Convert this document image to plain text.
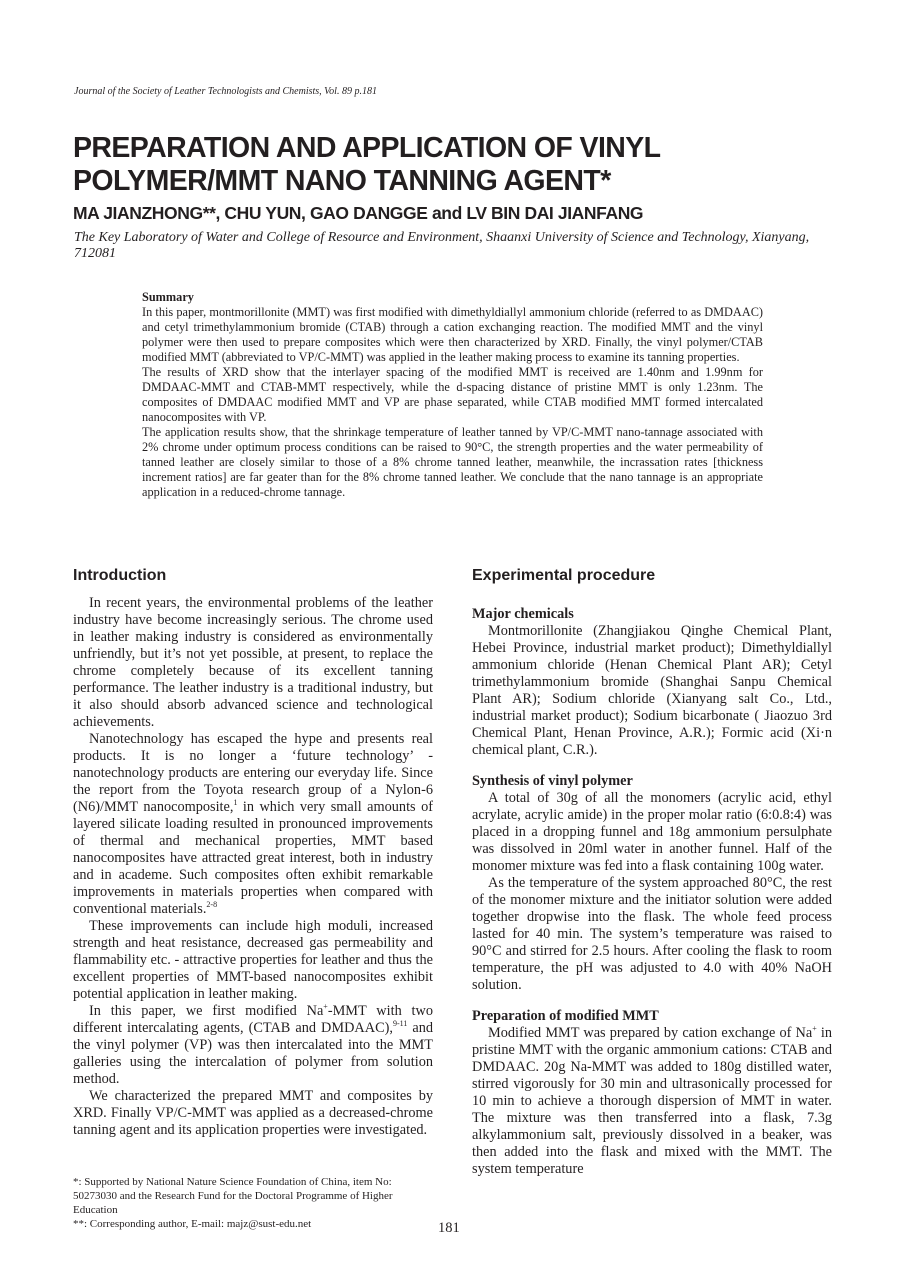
Journal of the Society of Leather Technologists and Chemists, Vol. 89 p.181
PREPARATION AND APPLICATION OF VINYL POLYMER/MMT NANO TANNING AGENT*
MA JIANZHONG**, CHU YUN, GAO DANGGE and LV BIN DAI JIANFANG
The Key Laboratory of Water and College of Resource and Environment, Shaanxi University of Science and Technology, Xianyang, 712081
Summary

In this paper, montmorillonite (MMT) was first modified with dimethyldiallyl ammonium chloride (referred to as DMDAAC) and cetyl trimethylammonium bromide (CTAB) through a cation exchanging reaction. The modified MMT and the vinyl polymer were then used to prepare composites which were then characterized by XRD. Finally, the vinyl polymer/CTAB modified MMT (abbreviated to VP/C-MMT) was applied in the leather making process to examine its tanning properties.

The results of XRD show that the interlayer spacing of the modified MMT is received are 1.40nm and 1.99nm for DMDAAC-MMT and CTAB-MMT respectively, while the d-spacing distance of pristine MMT is only 1.23nm. The composites of DMDAAC modified MMT and VP are phase separated, while CTAB modified MMT formed intercalated nanocomposites with VP.

The application results show, that the shrinkage temperature of leather tanned by VP/C-MMT nano-tannage associated with 2% chrome under optimum process conditions can be raised to 90°C, the strength properties and the water permeability of tanned leather are closely similar to those of a 8% chrome tanned leather, meanwhile, the incrassation rates [thickness increment ratios] are far geater than for the 8% chrome tanned leather. We conclude that the nano tannage is an appropriate application in a reduced-chrome tannage.

Introduction

In recent years, the environmental problems of the leather industry have become increasingly serious. The chrome used in leather making industry is considered as environmentally unfriendly, but it’s not yet possible, at present, to replace the chrome completely because of its excellent tanning performance. The leather industry is a traditional industry, but it also should absorb advanced science and technological achievements.

Nanotechnology has escaped the hype and presents real products. It is no longer a ‘future technology’ - nanotechnology products are entering our everyday life. Since the report from the Toyota research group of a Nylon-6 (N6)/MMT nanocomposite,$^1$ in which very small amounts of layered silicate loading resulted in pronounced improvements of thermal and mechanical properties, MMT based nanocomposites have attracted great interest, both in industry and in academe. Such composites often exhibit remarkable improvements in materials properties when compared with conventional materials.$^{2-8}$

These improvements can include high moduli, increased strength and heat resistance, decreased gas permeability and flammability etc. - attractive properties for leather and thus the excellent properties of MMT-based nanocomposites exhibit potential application in leather making.

In this paper, we first modified Na+-MMT with two different intercalating agents, (CTAB and DMDAAC),$^{9-11}$ and the vinyl polymer (VP) was then intercalated into the MMT galleries using the intercalation of polymer from solution method.

We characterized the prepared MMT and composites by XRD. Finally VP/C-MMT was applied as a decreased-chrome tanning agent and its application properties were investigated.

Experimental procedure
Major chemicals

Montmorillonite (Zhangjiakou Qinghe Chemical Plant, Hebei Province, industrial market product); Dimethyldiallyl ammonium chloride (Henan Chemical Plant AR); Cetyl trimethylammonium bromide (Shanghai Sanpu Chemical Plant AR); Sodium chloride (Xianyang salt Co., Ltd., industrial market product); Sodium bicarbonate ( Jiaozuo 3rd Chemical Plant, Henan Province, A.R.); Formic acid (Xi·n chemical plant, C.R.).

Synthesis of vinyl polymer

A total of 30g of all the monomers (acrylic acid, ethyl acrylate, acrylic amide) in the proper molar ratio (6:0.8:4) was placed in a dropping funnel and 18g ammonium persulphate was dissolved in 20ml water in another funnel. Half of the monomer mixture was fed into a flask containing 100g water.

As the temperature of the system approached 80°C, the rest of the monomer mixture and the initiator solution were added together dropwise into the flask. The whole feed process lasted for 40 min. The system’s temperature was raised to 90°C and stirred for 2.5 hours. After cooling the flask to room temperature, the pH was adjusted to 4.0 with 40% NaOH solution.

Preparation of modified MMT

Modified MMT was prepared by cation exchange of Na+ in pristine MMT with the organic ammonium cations: CTAB and DMDAAC. 20g Na-MMT was added to 180g distilled water, stirred vigorously for 30 min and ultrasonically processed for 10 min to achieve a thorough dispersion of MMT in water. The mixture was then transferred into a flask, 7.3g alkylammonium salt, previously dissolved in a beaker, was then added into the flask and mixed with the MMT. The system temperature

*: Supported by National Nature Science Foundation of China, item No: 50273030 and the Research Fund for the Doctoral Programme of Higher Education

**: Corresponding author, E-mail: majz@sust-edu.net	181
